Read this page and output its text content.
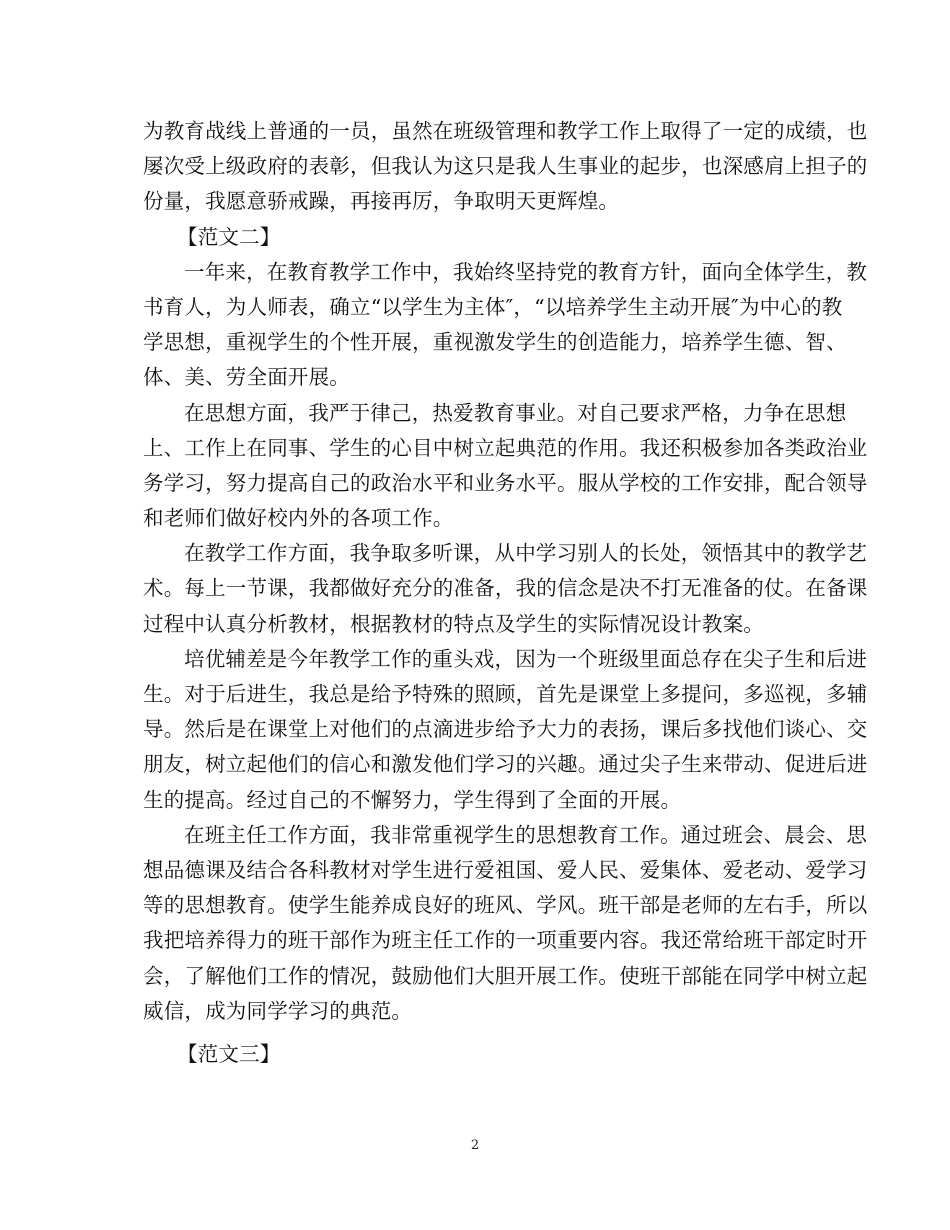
为教育战线上普通的一员，虽然在班级管理和教学工作上取得了一定的成绩，也
屡次受上级政府的表彰，但我认为这只是我人生事业的起步，也深感肩上担子的
份量，我愿意骄戒躁，再接再厉，争取明天更辉煌。
【范文二】
一年来，在教育教学工作中，我始终坚持党的教育方针，面向全体学生，教
书育人，为人师表，确立“以学生为主体″，“以培养学生主动开展″为中心的教
学思想，重视学生的个性开展，重视激发学生的创造能力，培养学生德、智、
体、美、劳全面开展。
在思想方面，我严于律己，热爱教育事业。对自己要求严格，力争在思想
上、工作上在同事、学生的心目中树立起典范的作用。我还积极参加各类政治业
务学习，努力提高自己的政治水平和业务水平。服从学校的工作安排，配合领导
和老师们做好校内外的各项工作。
在教学工作方面，我争取多听课，从中学习别人的长处，领悟其中的教学艺
术。每上一节课，我都做好充分的准备，我的信念是决不打无准备的仗。在备课
过程中认真分析教材，根据教材的特点及学生的实际情况设计教案。
培优辅差是今年教学工作的重头戏，因为一个班级里面总存在尖子生和后进
生。对于后进生，我总是给予特殊的照顾，首先是课堂上多提问，多巡视，多辅
导。然后是在课堂上对他们的点滴进步给予大力的表扬，课后多找他们谈心、交
朋友，树立起他们的信心和激发他们学习的兴趣。通过尖子生来带动、促进后进
生的提高。经过自己的不懈努力，学生得到了全面的开展。
在班主任工作方面，我非常重视学生的思想教育工作。通过班会、晨会、思
想品德课及结合各科教材对学生进行爱祖国、爱人民、爱集体、爱老动、爱学习
等的思想教育。使学生能养成良好的班风、学风。班干部是老师的左右手，所以
我把培养得力的班干部作为班主任工作的一项重要内容。我还常给班干部定时开
会，了解他们工作的情况，鼓励他们大胆开展工作。使班干部能在同学中树立起
威信，成为同学学习的典范。
【范文三】
2
